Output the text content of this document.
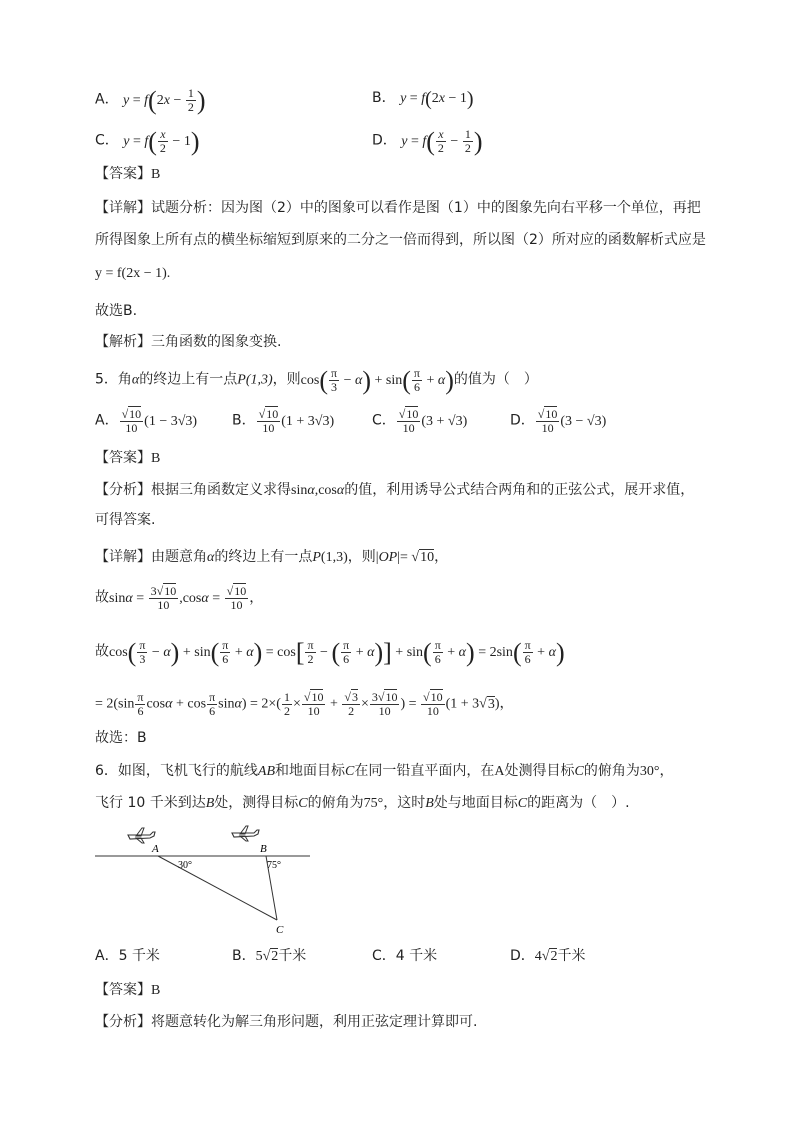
A． $y = f(2x - \frac{1}{2}$ )	B． y = f(2x − 1)
C． $y = f( \frac{x}{2} - 1)$	D． $y = f( \frac{x}{2} - \frac{1}{2}$ )
【答案】B
【详解】试题分析：因为图（2）中的图象可以看作是图（1）中的图象先向右平移一个单位，再把
所得图象上所有点的横坐标缩短到原来的二分之一倍而得到，所以图（2）所对应的函数解析式应是
y = f(2x − 1).
故选B.
【解析】三角函数的图象变换.
5．角α的终边上有一点P(1,3)，则$\cos( \frac{\pi}{3} - \alpha) + \sin( \frac{\pi}{6} + \alpha)$的值为（　）
A． $\frac{√10}{10} (1 - 3√3)$ B． $\frac{√10}{10} (1 + 3√3)$	C． $\frac{√10}{10} (3 + √3)$	D． $\frac{√10}{10} (3 - √3)$
【答案】B
【分析】根据三角函数定义求得sinα,cosα的值，利用诱导公式结合两角和的正弦公式，展开求值，
可得答案.
【详解】由题意角α的终边上有一点P(1,3)，则|OP|= √10，
故$\sin\alpha = \frac{3√10}{10} ,\cos\alpha = \frac{√10}{10}$ ，
故$\cos( \frac{\pi}{3} - \alpha) + \sin( \frac{\pi}{6} + \alpha) = \cos[ \frac{\pi}{2}$ − ( $\frac{\pi}{6} + \alpha)] + \sin( \frac{\pi}{6} + \alpha) = 2\sin( \frac{\pi}{6} + \alpha)$
= $2(\sin \frac{\pi}{6}$ $\cos\alpha + \cos \frac{\pi}{6} \sin\alpha) = 2\times( \frac{1}{2} \times \frac{√10}{10} + \frac{√3}{2} \times \frac{3√10}{10}$ ) = $\frac{√10}{10} (1 + 3√3)$，
故选：B
6．如图，飞机飞行的航线AB和地面目标C在同一铅直平面内，在A处测得目标C的俯角为30°，
飞行 10 千米到达B处，测得目标C的俯角为75°，这时B处与地面目标C的距离为（　）.
A	B
C
30°	75°
A．5 千米	B．5√2千米	C．4 千米	D．4√2千米
【答案】B
【分析】将题意转化为解三角形问题，利用正弦定理计算即可.
